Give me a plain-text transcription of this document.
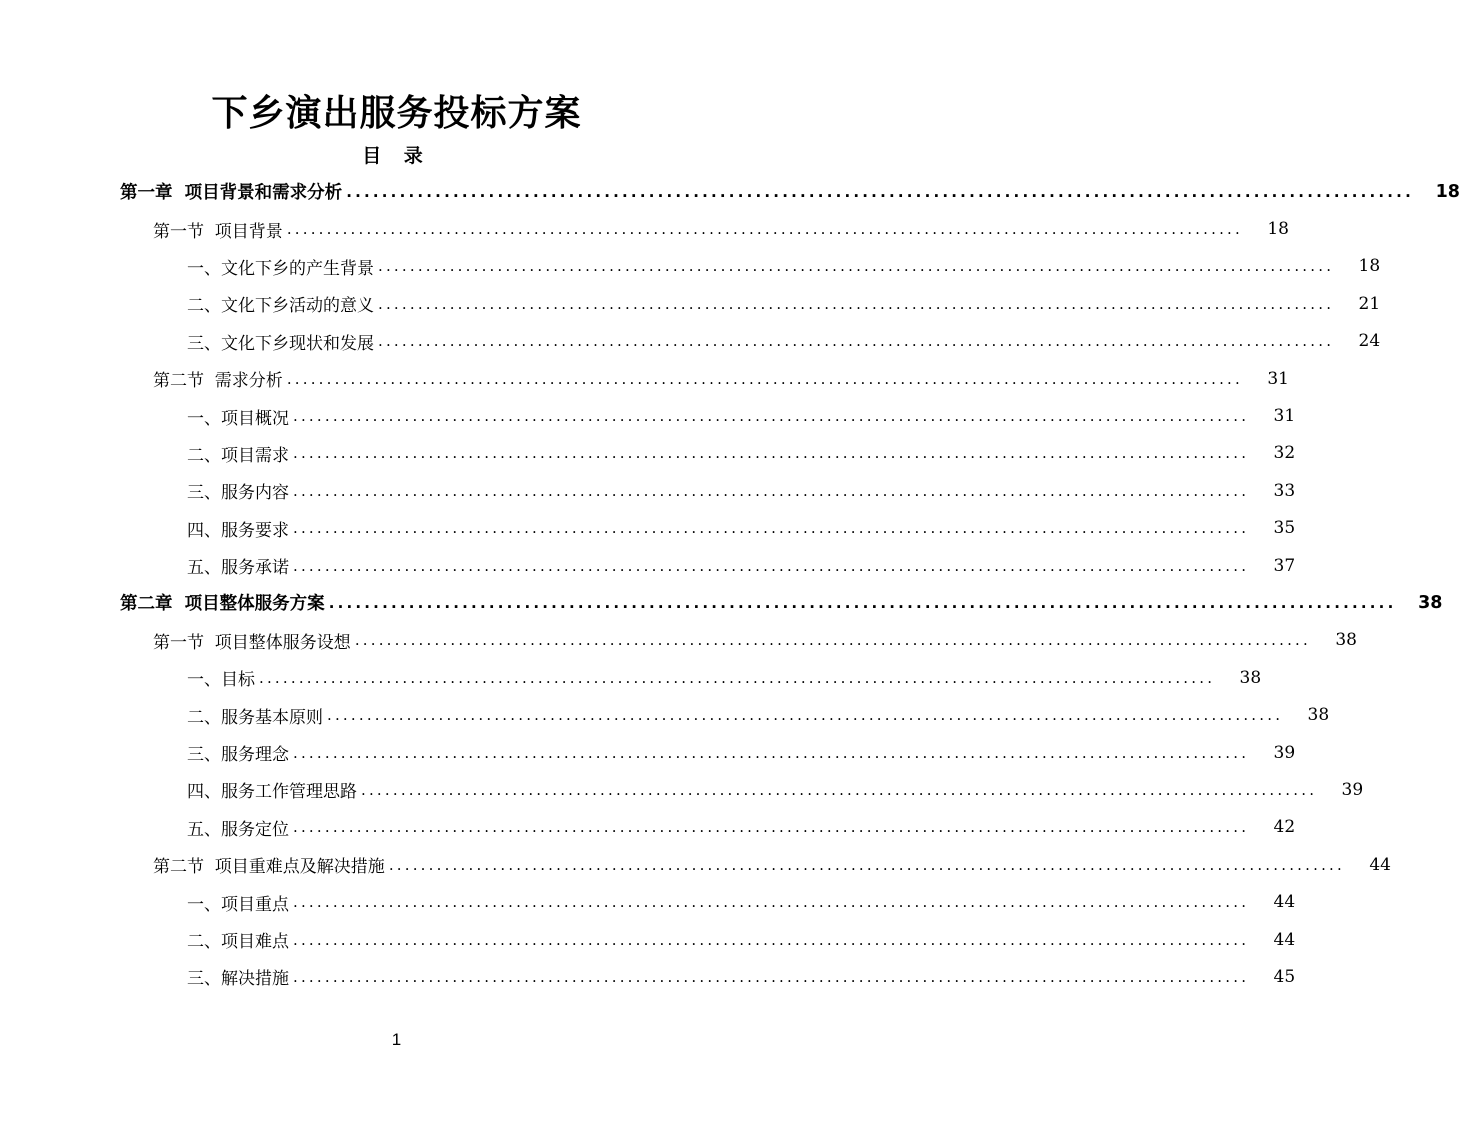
下乡演出服务投标方案
目 录
第一章  项目背景和需求分析 ........................................................................................................................	18
第一节  项目背景 ........................................................................................................................	18
一、文化下乡的产生背景 ........................................................................................................................	18
二、文化下乡活动的意义 ........................................................................................................................	21
三、文化下乡现状和发展 ........................................................................................................................	24
第二节  需求分析 ........................................................................................................................	31
一、项目概况 ........................................................................................................................	31
二、项目需求 ........................................................................................................................	32
三、服务内容 ........................................................................................................................	33
四、服务要求 ........................................................................................................................	35
五、服务承诺 ........................................................................................................................	37
第二章  项目整体服务方案 ........................................................................................................................	38
第一节  项目整体服务设想 ........................................................................................................................	38
一、目标 ........................................................................................................................	38
二、服务基本原则 ........................................................................................................................	38
三、服务理念 ........................................................................................................................	39
四、服务工作管理思路 ........................................................................................................................	39
五、服务定位 ........................................................................................................................	42
第二节  项目重难点及解决措施 ........................................................................................................................	44
一、项目重点 ........................................................................................................................	44
二、项目难点 ........................................................................................................................	44
三、解决措施 ........................................................................................................................	45
1
